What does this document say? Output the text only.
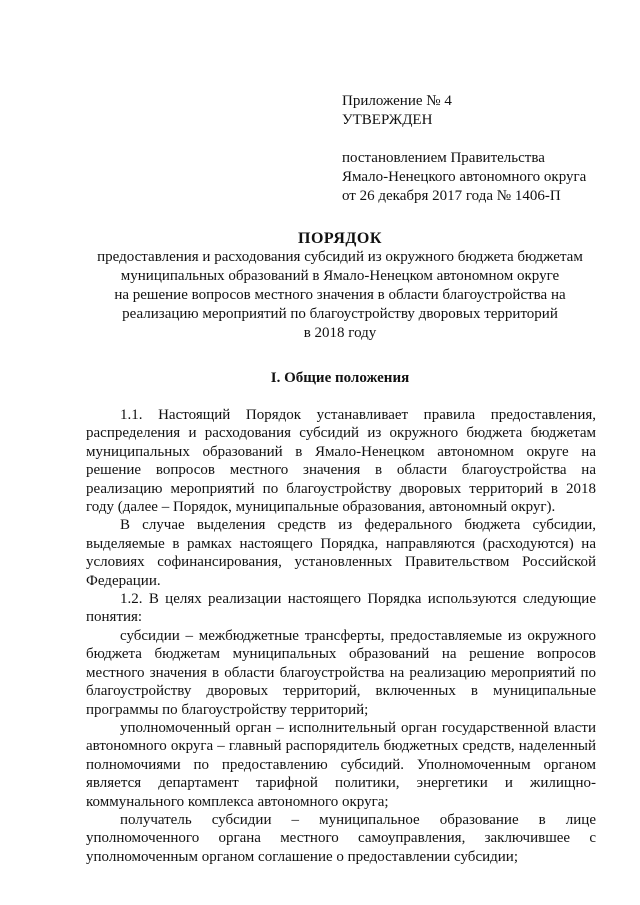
Приложение № 4
УТВЕРЖДЕН
постановлением Правительства
Ямало-Ненецкого автономного округа
от 26 декабря 2017 года № 1406-П
ПОРЯДОК
предоставления и расходования субсидий из окружного бюджета бюджетам
муниципальных образований в Ямало-Ненецком автономном округе
на решение вопросов местного значения в области благоустройства на
реализацию мероприятий по благоустройству дворовых территорий
в 2018 году
I. Общие положения

1.1. Настоящий Порядок устанавливает правила предоставления, распределения и расходования субсидий из окружного бюджета бюджетам муниципальных образований в Ямало-Ненецком автономном округе на решение вопросов местного значения в области благоустройства на реализацию мероприятий по благоустройству дворовых территорий в 2018 году (далее – Порядок, муниципальные образования, автономный округ).

В случае выделения средств из федерального бюджета субсидии, выделяемые в рамках настоящего Порядка, направляются (расходуются) на условиях софинансирования, установленных Правительством Российской Федерации.

1.2. В целях реализации настоящего Порядка используются следующие понятия:

субсидии – межбюджетные трансферты, предоставляемые из окружного бюджета бюджетам муниципальных образований на решение вопросов местного значения в области благоустройства на реализацию мероприятий по благоустройству дворовых территорий, включенных в муниципальные программы по благоустройству территорий;

уполномоченный орган – исполнительный орган государственной власти автономного округа – главный распорядитель бюджетных средств, наделенный полномочиями по предоставлению субсидий. Уполномоченным органом является департамент тарифной политики, энергетики и жилищно-коммунального комплекса автономного округа;

получатель субсидии – муниципальное образование в лице уполномоченного органа местного самоуправления, заключившее с уполномоченным органом соглашение о предоставлении субсидии;
